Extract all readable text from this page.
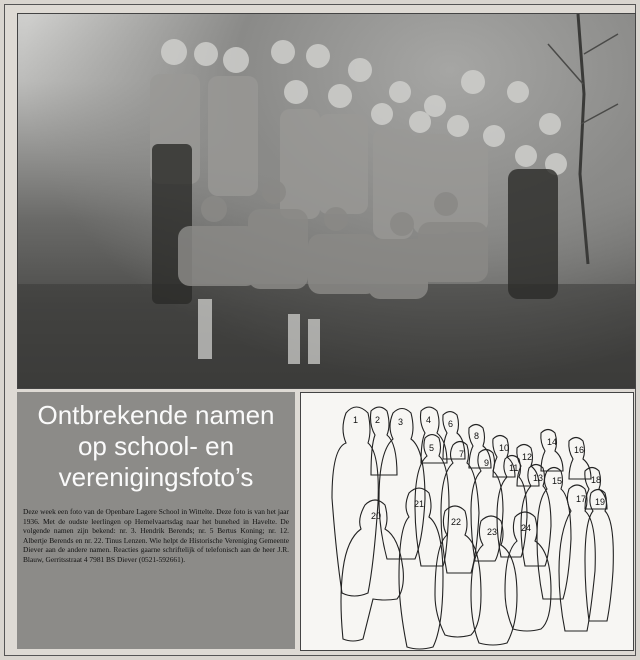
Ontbrekende namen
op school- en
verenigingsfoto’s

Deze week een foto van de Openbare Lagere School in Wittelte. Deze foto is van het jaar 1936. Met de oudste leerlingen op Hemelvaartsdag naar het bunehed in Havelte. De volgende namen zijn bekend: nr. 3. Hendrik Berends; nr. 5 Bertus Koning; nr. 12. Albertje Berends en nr. 22. Tinus Lenzen. Wie helpt de Historische Vereniging Gemeente Diever aan de andere namen. Reacties gaarne schriftelijk of telefonisch aan de heer J.R. Blauw, Gerritsstraat 4 7981 BS Diever (0521-592661).

1 2 3	4
5
6
7
8
9
10
11
12
13
14
15
16
17
18
19
20
21
22
23	24
